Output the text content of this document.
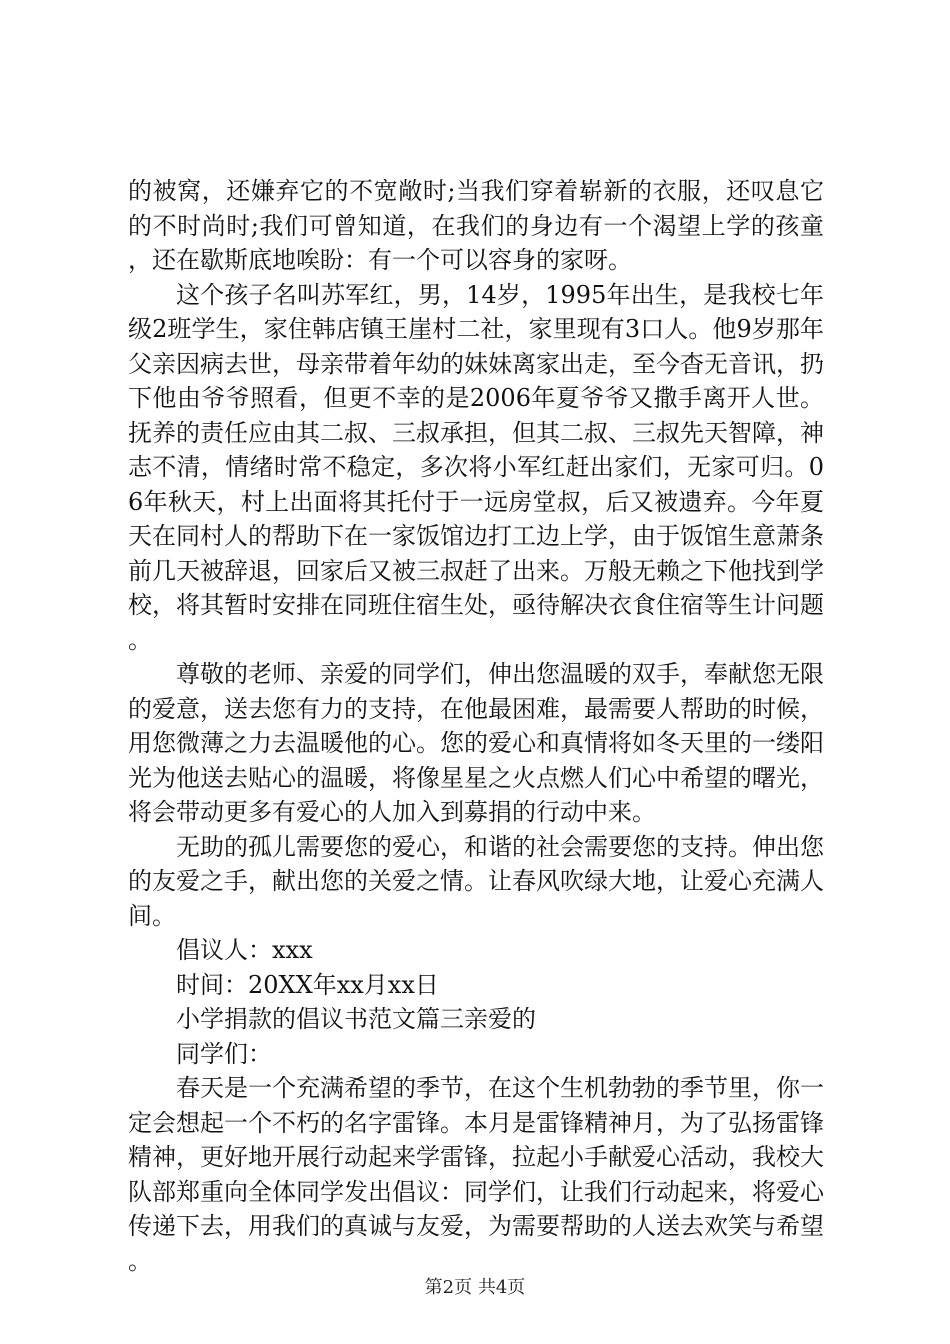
的被窝，还嫌弃它的不宽敞时;当我们穿着崭新的衣服，还叹息它的不时尚时;我们可曾知道，在我们的身边有一个渴望上学的孩童，还在歇斯底地唉盼：有一个可以容身的家呀。

这个孩子名叫苏军红，男，14岁，1995年出生，是我校七年级2班学生，家住韩店镇王崖村二社，家里现有3口人。他9岁那年父亲因病去世，母亲带着年幼的妹妹离家出走，至今杳无音讯，扔下他由爷爷照看，但更不幸的是2006年夏爷爷又撒手离开人世。抚养的责任应由其二叔、三叔承担，但其二叔、三叔先天智障，神志不清，情绪时常不稳定，多次将小军红赶出家们，无家可归。06年秋天，村上出面将其托付于一远房堂叔，后又被遗弃。今年夏天在同村人的帮助下在一家饭馆边打工边上学，由于饭馆生意萧条前几天被辞退，回家后又被三叔赶了出来。万般无赖之下他找到学校，将其暂时安排在同班住宿生处，亟待解决衣食住宿等生计问题。

尊敬的老师、亲爱的同学们，伸出您温暖的双手，奉献您无限的爱意，送去您有力的支持，在他最困难，最需要人帮助的时候，用您微薄之力去温暖他的心。您的爱心和真情将如冬天里的一缕阳光为他送去贴心的温暖，将像星星之火点燃人们心中希望的曙光，将会带动更多有爱心的人加入到募捐的行动中来。

无助的孤儿需要您的爱心，和谐的社会需要您的支持。伸出您的友爱之手，献出您的关爱之情。让春风吹绿大地，让爱心充满人间。

倡议人：xxx

时间：20XX年xx月xx日

小学捐款的倡议书范文篇三亲爱的

同学们：

春天是一个充满希望的季节，在这个生机勃勃的季节里，你一定会想起一个不朽的名字雷锋。本月是雷锋精神月，为了弘扬雷锋精神，更好地开展行动起来学雷锋，拉起小手献爱心活动，我校大队部郑重向全体同学发出倡议：同学们，让我们行动起来，将爱心传递下去，用我们的真诚与友爱，为需要帮助的人送去欢笑与希望。

第2页 共4页
